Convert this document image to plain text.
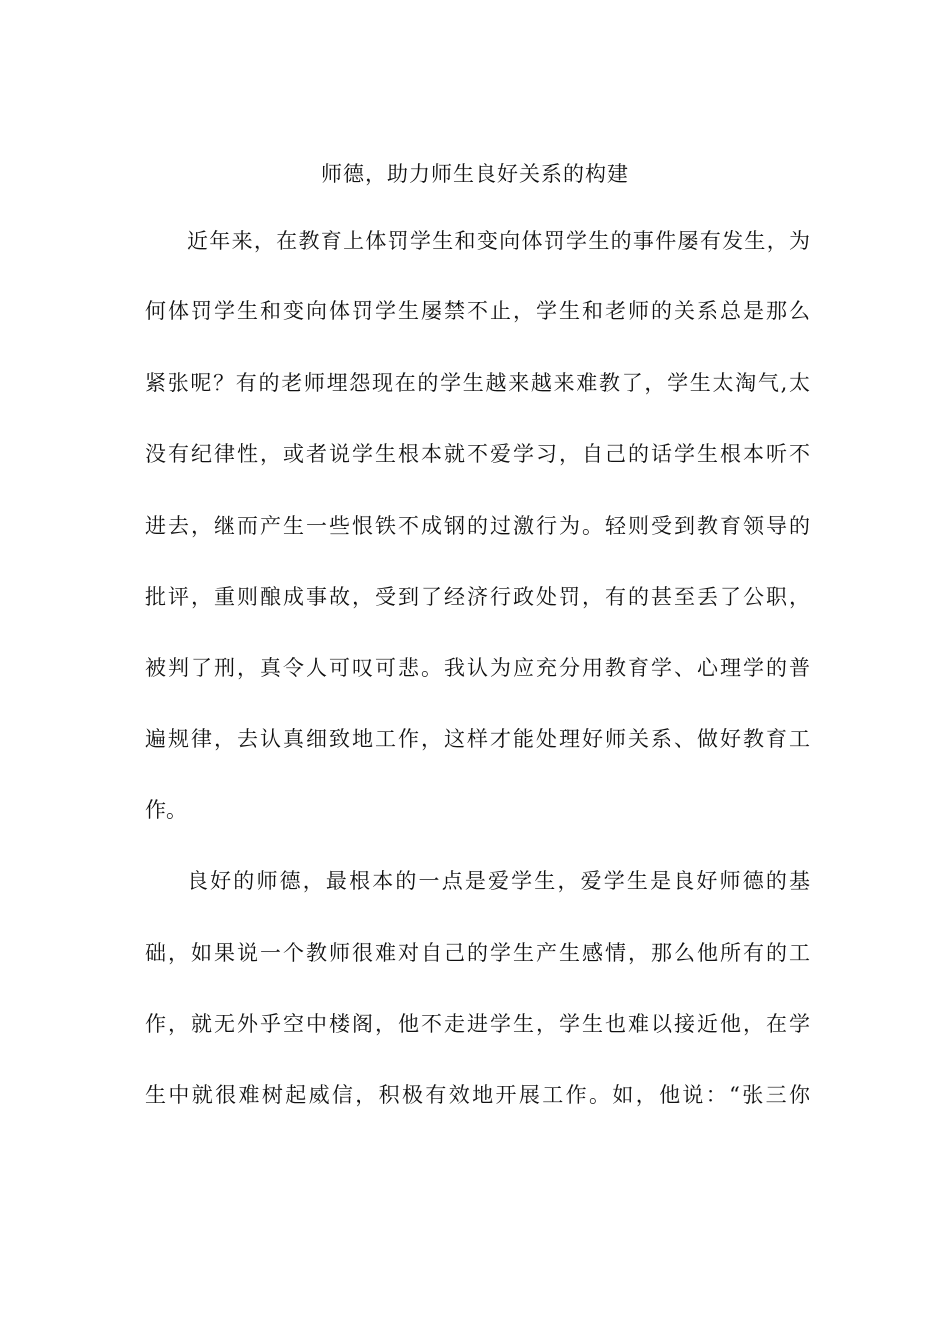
师德，助力师生良好关系的构建
近年来，在教育上体罚学生和变向体罚学生的事件屡有发生，为
何体罚学生和变向体罚学生屡禁不止，学生和老师的关系总是那么
紧张呢？有的老师埋怨现在的学生越来越来难教了，学生太淘气,太
没有纪律性，或者说学生根本就不爱学习，自己的话学生根本听不
进去，继而产生一些恨铁不成钢的过激行为。轻则受到教育领导的
批评，重则酿成事故，受到了经济行政处罚，有的甚至丢了公职，
被判了刑，真令人可叹可悲。我认为应充分用教育学、心理学的普
遍规律，去认真细致地工作，这样才能处理好师关系、做好教育工
作。
良好的师德，最根本的一点是爱学生，爱学生是良好师德的基
础，如果说一个教师很难对自己的学生产生感情，那么他所有的工
作，就无外乎空中楼阁，他不走进学生，学生也难以接近他，在学
生中就很难树起威信，积极有效地开展工作。如，他说：“张三你
